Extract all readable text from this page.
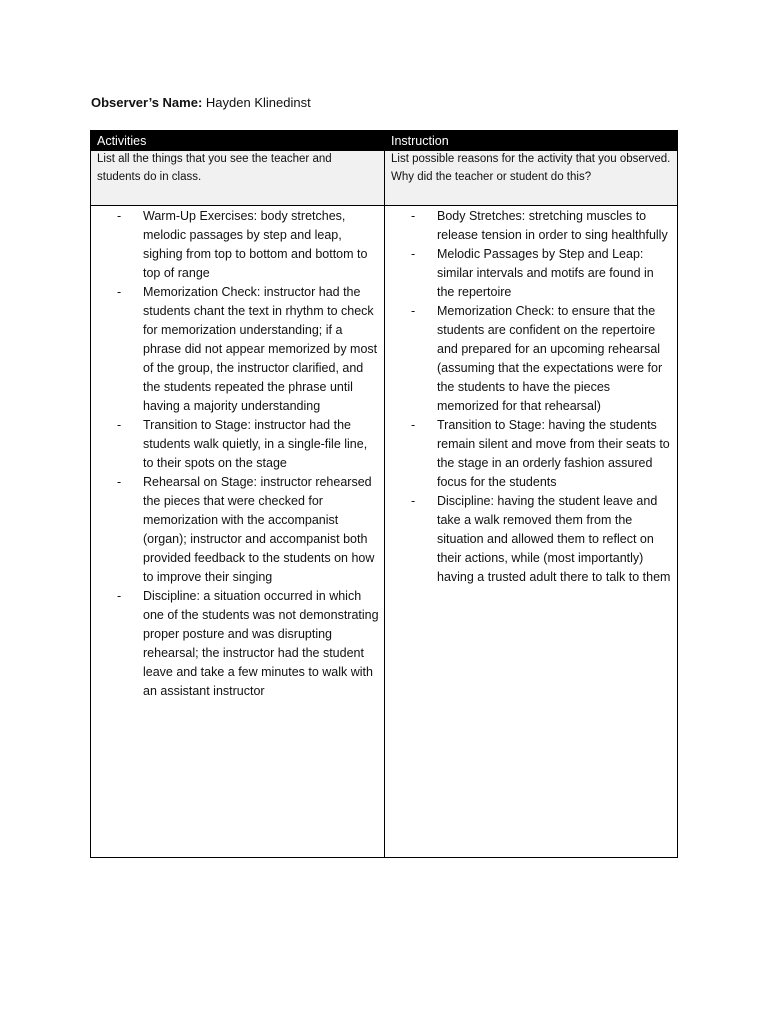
Observer’s Name: Hayden Klinedinst
Activities	Instruction
List all the things that you see the teacher and students do in class.
List possible reasons for the activity that you observed. Why did the teacher or student do this?
- Warm-Up Exercises: body stretches, melodic passages by step and leap, sighing from top to bottom and bottom to top of range
- Memorization Check: instructor had the students chant the text in rhythm to check for memorization understanding; if a phrase did not appear memorized by most of the group, the instructor clarified, and the students repeated the phrase until having a majority understanding
- Transition to Stage: instructor had the students walk quietly, in a single-file line, to their spots on the stage
- Rehearsal on Stage: instructor rehearsed the pieces that were checked for memorization with the accompanist (organ); instructor and accompanist both provided feedback to the students on how to improve their singing
- Discipline: a situation occurred in which one of the students was not demonstrating proper posture and was disrupting rehearsal; the instructor had the student leave and take a few minutes to walk with an assistant instructor
- Body Stretches: stretching muscles to release tension in order to sing healthfully
- Melodic Passages by Step and Leap: similar intervals and motifs are found in the repertoire
- Memorization Check: to ensure that the students are confident on the repertoire and prepared for an upcoming rehearsal (assuming that the expectations were for the students to have the pieces memorized for that rehearsal)
- Transition to Stage: having the students remain silent and move from their seats to the stage in an orderly fashion assured focus for the students
- Discipline: having the student leave and take a walk removed them from the situation and allowed them to reflect on their actions, while (most importantly) having a trusted adult there to talk to them
